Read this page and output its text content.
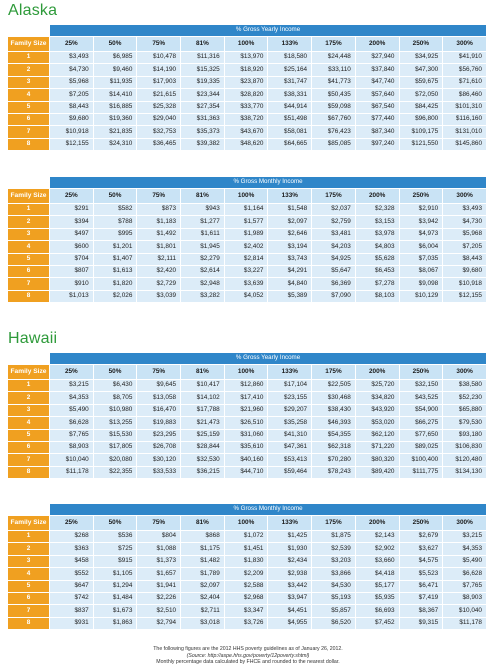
Alaska
	% Gross Yearly Income									
Family Size	25%	50%	75%	81%	100%	133%	175%	200%	250%	300%
1	$3,493	$6,985	$10,478	$11,316	$13,970	$18,580	$24,448	$27,940	$34,925	$41,910
2	$4,730	$9,460	$14,190	$15,325	$18,920	$25,164	$33,110	$37,840	$47,300	$56,760
3	$5,968	$11,935	$17,903	$19,335	$23,870	$31,747	$41,773	$47,740	$59,675	$71,610
4	$7,205	$14,410	$21,615	$23,344	$28,820	$38,331	$50,435	$57,640	$72,050	$86,460
5	$8,443	$16,885	$25,328	$27,354	$33,770	$44,914	$59,098	$67,540	$84,425	$101,310
6	$9,680	$19,360	$29,040	$31,363	$38,720	$51,498	$67,760	$77,440	$96,800	$116,160
7	$10,918	$21,835	$32,753	$35,373	$43,670	$58,081	$76,423	$87,340	$109,175	$131,010
8	$12,155	$24,310	$36,465	$39,382	$48,620	$64,665	$85,085	$97,240	$121,550	$145,860
	% Gross Monthly Income									
Family Size	25%	50%	75%	81%	100%	133%	175%	200%	250%	300%
1	$291	$582	$873	$943	$1,164	$1,548	$2,037	$2,328	$2,910	$3,493
2	$394	$788	$1,183	$1,277	$1,577	$2,097	$2,759	$3,153	$3,942	$4,730
3	$497	$995	$1,492	$1,611	$1,989	$2,646	$3,481	$3,978	$4,973	$5,968
4	$600	$1,201	$1,801	$1,945	$2,402	$3,194	$4,203	$4,803	$6,004	$7,205
5	$704	$1,407	$2,111	$2,279	$2,814	$3,743	$4,925	$5,628	$7,035	$8,443
6	$807	$1,613	$2,420	$2,614	$3,227	$4,291	$5,647	$6,453	$8,067	$9,680
7	$910	$1,820	$2,729	$2,948	$3,639	$4,840	$6,369	$7,278	$9,098	$10,918
8	$1,013	$2,026	$3,039	$3,282	$4,052	$5,389	$7,090	$8,103	$10,129	$12,155
Hawaii
	% Gross Yearly Income									
Family Size	25%	50%	75%	81%	100%	133%	175%	200%	250%	300%
1	$3,215	$6,430	$9,645	$10,417	$12,860	$17,104	$22,505	$25,720	$32,150	$38,580
2	$4,353	$8,705	$13,058	$14,102	$17,410	$23,155	$30,468	$34,820	$43,525	$52,230
3	$5,490	$10,980	$16,470	$17,788	$21,960	$29,207	$38,430	$43,920	$54,900	$65,880
4	$6,628	$13,255	$19,883	$21,473	$26,510	$35,258	$46,393	$53,020	$66,275	$79,530
5	$7,765	$15,530	$23,295	$25,159	$31,060	$41,310	$54,355	$62,120	$77,650	$93,180
6	$8,903	$17,805	$26,708	$28,844	$35,610	$47,361	$62,318	$71,220	$89,025	$106,830
7	$10,040	$20,080	$30,120	$32,530	$40,160	$53,413	$70,280	$80,320	$100,400	$120,480
8	$11,178	$22,355	$33,533	$36,215	$44,710	$59,464	$78,243	$89,420	$111,775	$134,130
	% Gross Monthly Income									
Family Size	25%	50%	75%	81%	100%	133%	175%	200%	250%	300%
1	$268	$536	$804	$868	$1,072	$1,425	$1,875	$2,143	$2,679	$3,215
2	$363	$725	$1,088	$1,175	$1,451	$1,930	$2,539	$2,902	$3,627	$4,353
3	$458	$915	$1,373	$1,482	$1,830	$2,434	$3,203	$3,660	$4,575	$5,490
4	$552	$1,105	$1,657	$1,789	$2,209	$2,938	$3,866	$4,418	$5,523	$6,628
5	$647	$1,294	$1,941	$2,097	$2,588	$3,442	$4,530	$5,177	$6,471	$7,765
6	$742	$1,484	$2,226	$2,404	$2,968	$3,947	$5,193	$5,935	$7,419	$8,903
7	$837	$1,673	$2,510	$2,711	$3,347	$4,451	$5,857	$6,693	$8,367	$10,040
8	$931	$1,863	$2,794	$3,018	$3,726	$4,955	$6,520	$7,452	$9,315	$11,178
The following figures are the 2012 HHS poverty guidelines as of January 26, 2012.
(Source: http://aspe.hhs.gov/poverty/12poverty.shtml)
Monthly percentage data calculated by FHCE and rounded to the nearest dollar.
